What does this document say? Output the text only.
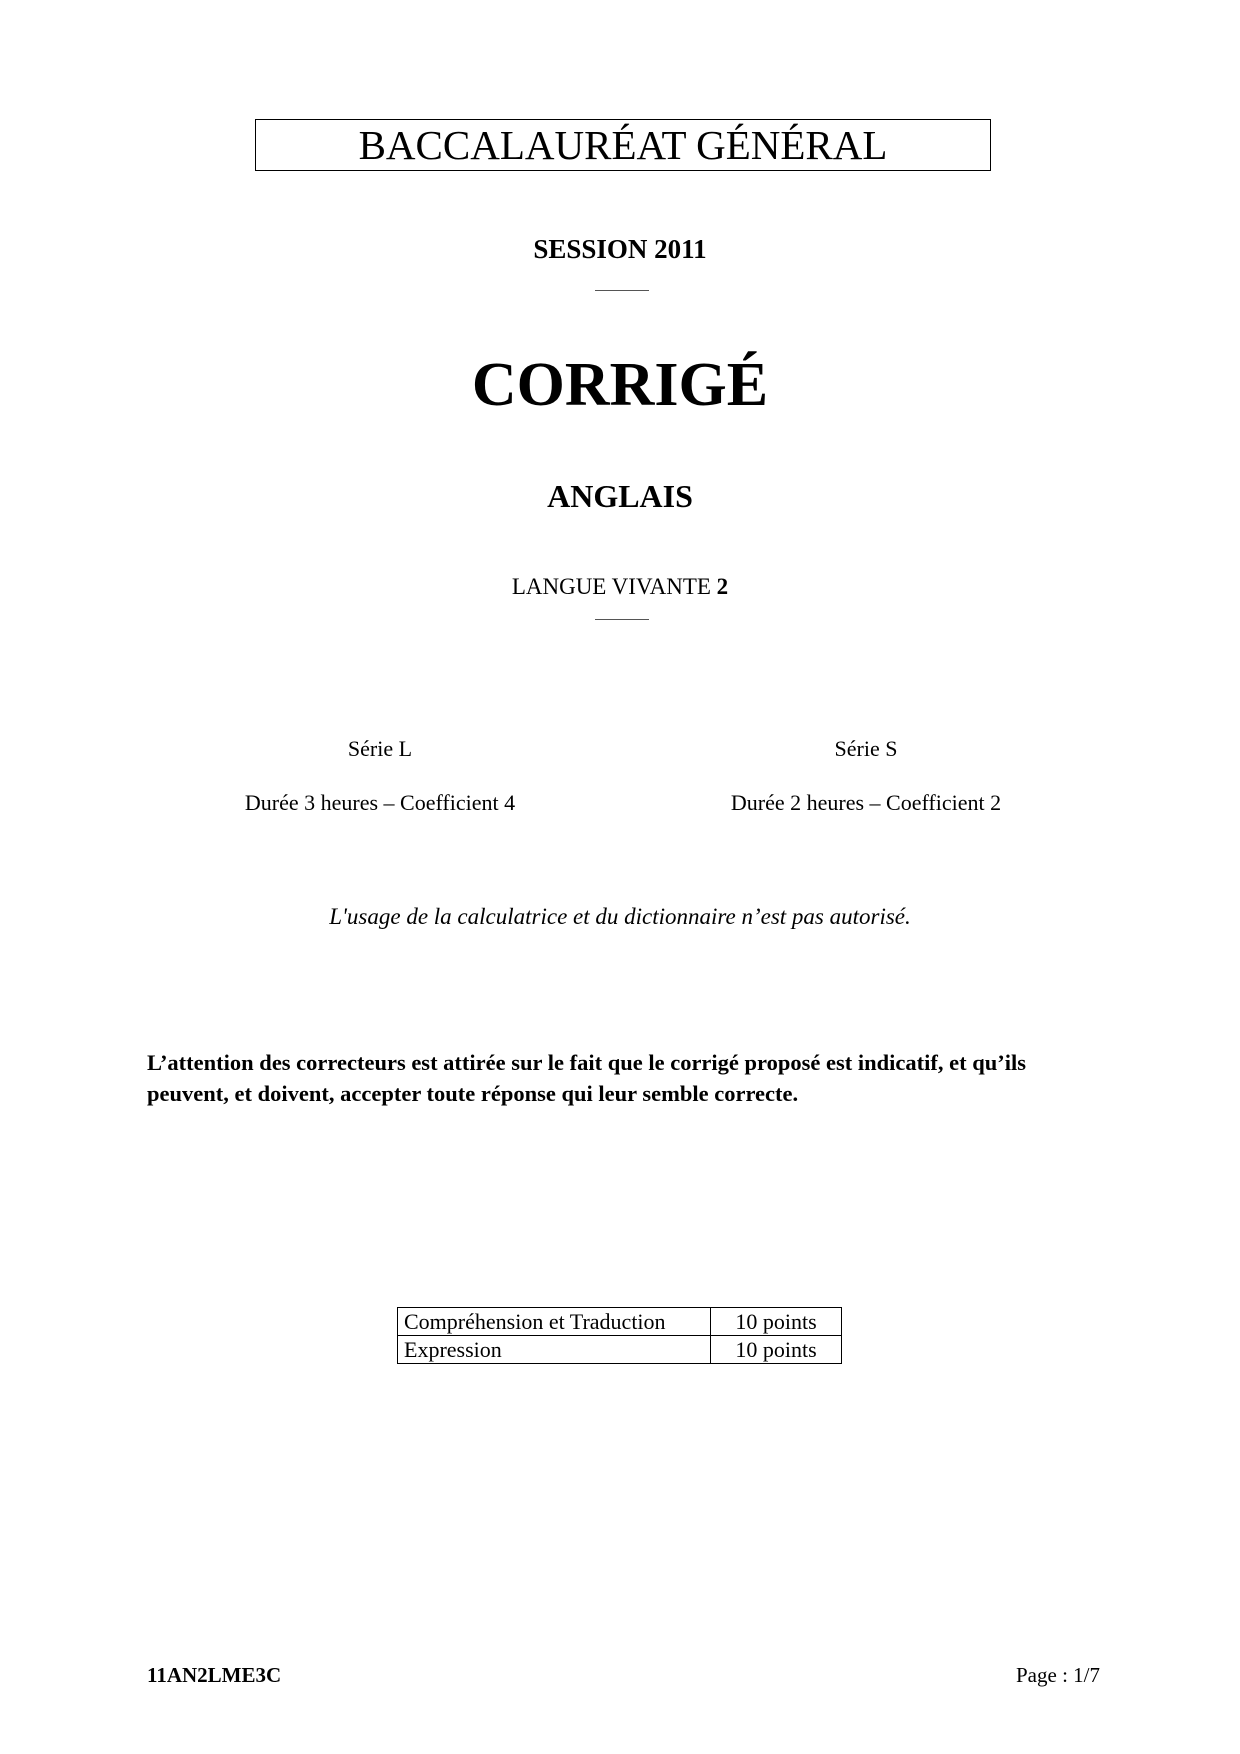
BACCALAURÉAT GÉNÉRAL
SESSION 2011
CORRIGÉ
ANGLAIS
LANGUE VIVANTE 2
Série L
Durée 3 heures – Coefficient 4
Série S
Durée 2 heures – Coefficient 2
L'usage de la calculatrice et du dictionnaire n’est pas autorisé.
L’attention des correcteurs est attirée sur le fait que le corrigé proposé est indicatif, et qu’ils peuvent, et doivent, accepter toute réponse qui leur semble correcte.
Compréhension et Traduction	10 points
Expression	10 points
11AN2LME3C	Page : 1/7
